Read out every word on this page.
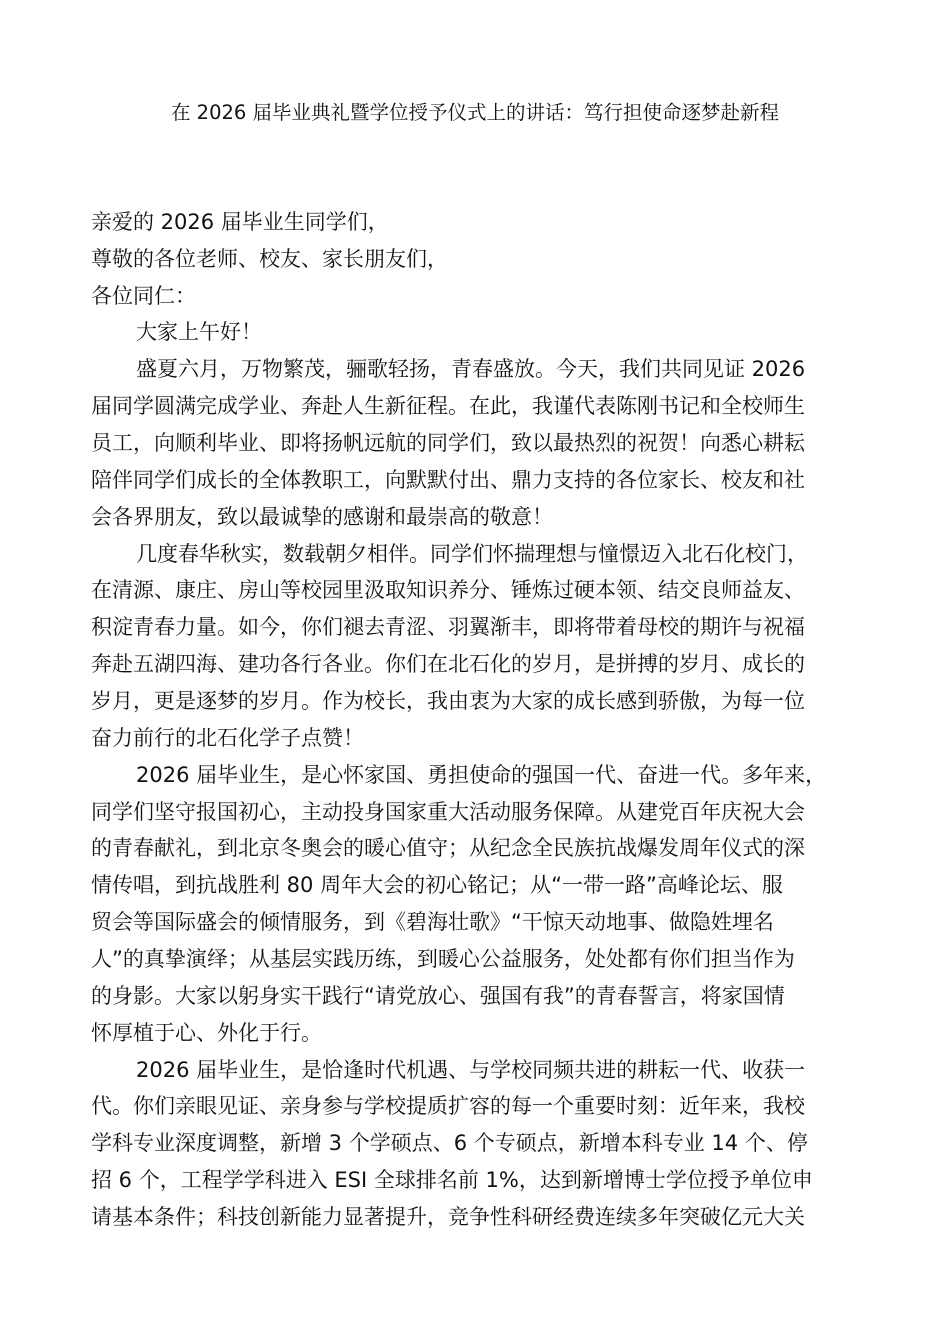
在 2026 届毕业典礼暨学位授予仪式上的讲话：笃行担使命逐梦赴新程
亲爱的 2026 届毕业生同学们，
尊敬的各位老师、校友、家长朋友们，
各位同仁：
大家上午好！
盛夏六月，万物繁茂，骊歌轻扬，青春盛放。今天，我们共同见证 2026
届同学圆满完成学业、奔赴人生新征程。在此，我谨代表陈刚书记和全校师生
员工，向顺利毕业、即将扬帆远航的同学们，致以最热烈的祝贺！向悉心耕耘
陪伴同学们成长的全体教职工，向默默付出、鼎力支持的各位家长、校友和社
会各界朋友，致以最诚挚的感谢和最崇高的敬意！
几度春华秋实，数载朝夕相伴。同学们怀揣理想与憧憬迈入北石化校门，
在清源、康庄、房山等校园里汲取知识养分、锤炼过硬本领、结交良师益友、
积淀青春力量。如今，你们褪去青涩、羽翼渐丰，即将带着母校的期许与祝福
奔赴五湖四海、建功各行各业。你们在北石化的岁月，是拼搏的岁月、成长的
岁月，更是逐梦的岁月。作为校长，我由衷为大家的成长感到骄傲，为每一位
奋力前行的北石化学子点赞！
2026 届毕业生，是心怀家国、勇担使命的强国一代、奋进一代。多年来，
同学们坚守报国初心，主动投身国家重大活动服务保障。从建党百年庆祝大会
的青春献礼，到北京冬奥会的暖心值守；从纪念全民族抗战爆发周年仪式的深
情传唱，到抗战胜利 80 周年大会的初心铭记；从“一带一路”高峰论坛、服
贸会等国际盛会的倾情服务，到《碧海壮歌》“干惊天动地事、做隐姓埋名
人”的真挚演绎；从基层实践历练，到暖心公益服务，处处都有你们担当作为
的身影。大家以躬身实干践行“请党放心、强国有我”的青春誓言，将家国情
怀厚植于心、外化于行。
2026 届毕业生，是恰逢时代机遇、与学校同频共进的耕耘一代、收获一
代。你们亲眼见证、亲身参与学校提质扩容的每一个重要时刻：近年来，我校
学科专业深度调整，新增 3 个学硕点、6 个专硕点，新增本科专业 14 个、停
招 6 个，工程学学科进入 ESI 全球排名前 1%，达到新增博士学位授予单位申
请基本条件；科技创新能力显著提升，竞争性科研经费连续多年突破亿元大关
